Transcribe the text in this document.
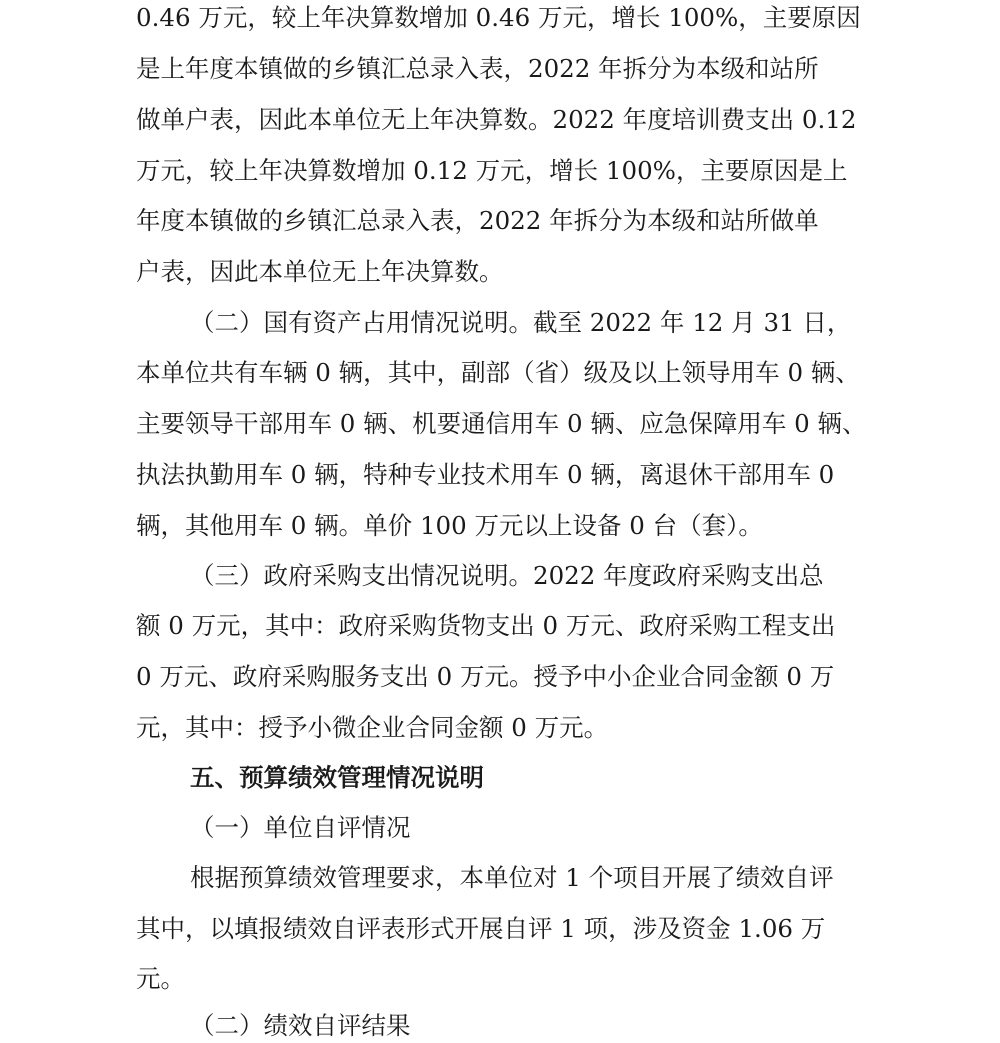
0.46 万元，较上年决算数增加 0.46 万元，增长 100%，主要原因
是上年度本镇做的乡镇汇总录入表，2022 年拆分为本级和站所
做单户表，因此本单位无上年决算数。2022 年度培训费支出 0.12
万元，较上年决算数增加 0.12 万元，增长 100%，主要原因是上
年度本镇做的乡镇汇总录入表，2022 年拆分为本级和站所做单
户表，因此本单位无上年决算数。
（二）国有资产占用情况说明。截至 2022 年 12 月 31 日，
本单位共有车辆 0 辆，其中，副部（省）级及以上领导用车 0 辆、
主要领导干部用车 0 辆、机要通信用车 0 辆、应急保障用车 0 辆、
执法执勤用车 0 辆，特种专业技术用车 0 辆，离退休干部用车 0
辆，其他用车 0 辆。单价 100 万元以上设备 0 台（套）。
（三）政府采购支出情况说明。2022 年度政府采购支出总
额 0 万元，其中：政府采购货物支出 0 万元、政府采购工程支出
0 万元、政府采购服务支出 0 万元。授予中小企业合同金额 0 万
元，其中：授予小微企业合同金额 0 万元。
五、预算绩效管理情况说明
（一）单位自评情况
根据预算绩效管理要求，本单位对 1 个项目开展了绩效自评
其中，以填报绩效自评表形式开展自评 1 项，涉及资金 1.06 万
元。
（二）绩效自评结果
